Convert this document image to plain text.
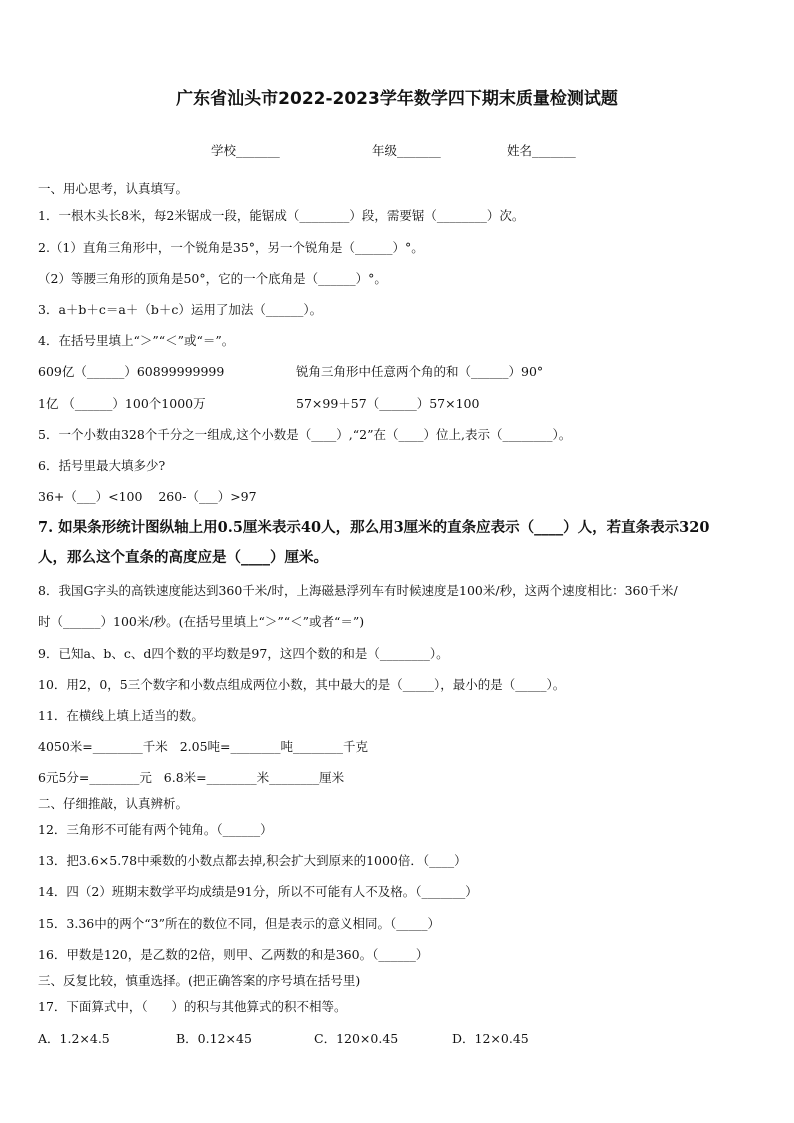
广东省汕头市2022-2023学年数学四下期末质量检测试题
学校_______	年级_______	姓名_______
一、用心思考，认真填写。
1．一根木头长8米，每2米锯成一段，能锯成（________）段，需要锯（________）次。
2.（1）直角三角形中，一个锐角是35°，另一个锐角是（______）°。
（2）等腰三角形的顶角是50°，它的一个底角是（______）°。
3．a＋b＋c＝a＋（b＋c）运用了加法（______）。
4．在括号里填上“＞”“＜”或“＝”。
609亿（______）60899999999	锐角三角形中任意两个角的和（______）90°
1亿 （______）100个1000万	57×99＋57（______）57×100
5．一个小数由328个千分之一组成,这个小数是（____）,“2”在（____）位上,表示（________）。
6．括号里最大填多少?
36+（___）<100    260-（___）>97
7. 如果条形统计图纵轴上用0.5厘米表示40人，那么用3厘米的直条应表示（____）人，若直条表示320
人，那么这个直条的高度应是（____）厘米。
8．我国G字头的高铁速度能达到360千米/时，上海磁悬浮列车有时候速度是100米/秒，这两个速度相比：360千米/
时（______）100米/秒。(在括号里填上“＞”“＜”或者“＝”)
9．已知a、b、c、d四个数的平均数是97，这四个数的和是（________）。
10．用2，0，5三个数字和小数点组成两位小数，其中最大的是（_____），最小的是（_____）。
11．在横线上填上适当的数。
4050米=________千米   2.05吨=________吨________千克
6元5分=________元   6.8米=________米________厘米
二、仔细推敲，认真辨析。
12．三角形不可能有两个钝角。（______）
13．把3.6×5.78中乘数的小数点都去掉,积会扩大到原来的1000倍．（____）
14．四（2）班期末数学平均成绩是91分，所以不可能有人不及格。（_______）
15．3.36中的两个“3”所在的数位不同，但是表示的意义相同。（_____）
16．甲数是120，是乙数的2倍，则甲、乙两数的和是360。（______）
三、反复比较，慎重选择。(把正确答案的序号填在括号里)
17．下面算式中，（      ）的积与其他算式的积不相等。
A．1.2×4.5	B．0.12×45	C．120×0.45	D．12×0.45
